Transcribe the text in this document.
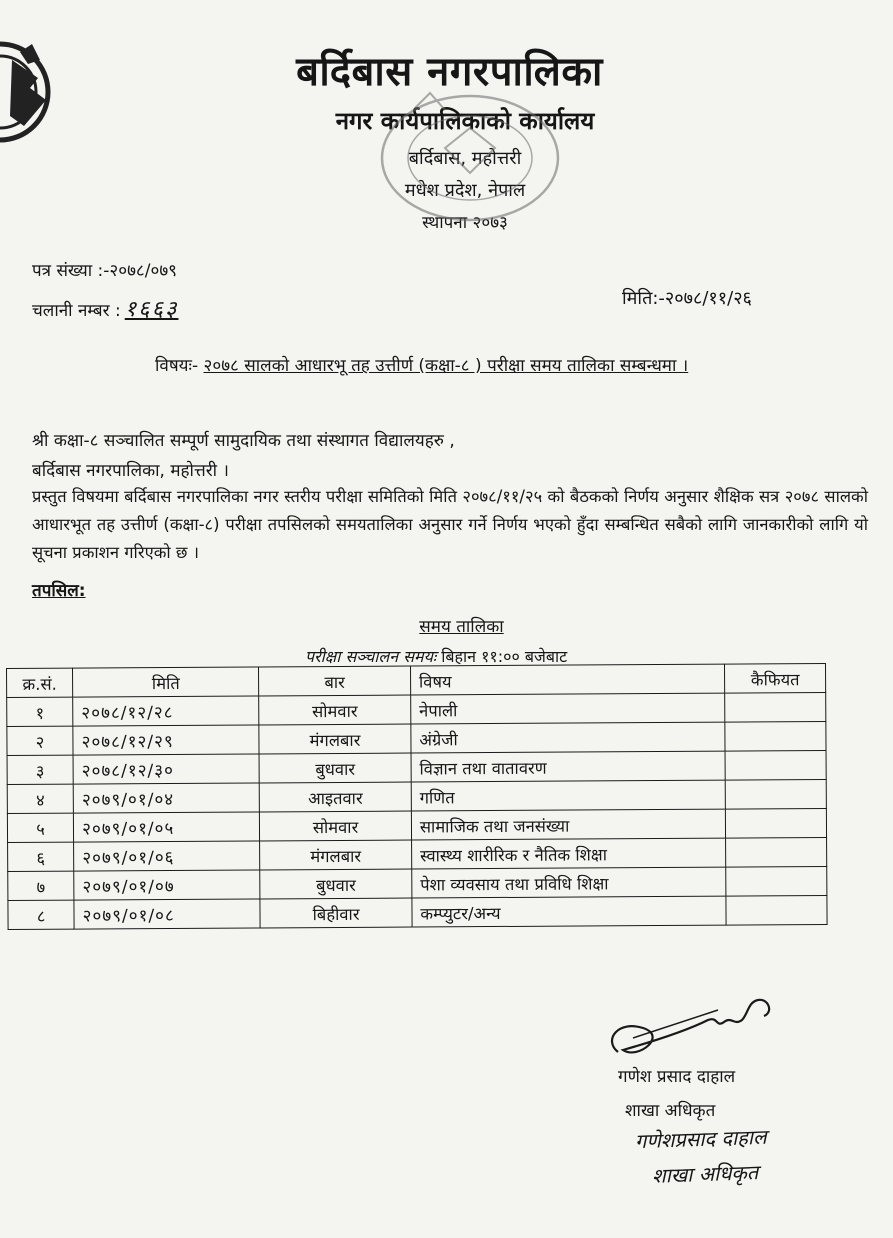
बर्दिबास नगरपालिका
नगर कार्यपालिकाको कार्यालय
बर्दिबास, महोत्तरी
मधेश प्रदेश, नेपाल
स्थापना २०७३
पत्र संख्या :-२०७८/०७९
चलानी नम्बर : १६६३	मिति:-२०७८/११/२६
विषयः- २०७८ सालको आधारभू तह उत्तीर्ण (कक्षा-८ ) परीक्षा समय तालिका सम्बन्धमा ।
श्री कक्षा-८ सञ्चालित सम्पूर्ण सामुदायिक तथा संस्थागत विद्यालयहरु ,
बर्दिबास नगरपालिका, महोत्तरी ।

प्रस्तुत विषयमा बर्दिबास नगरपालिका नगर स्तरीय परीक्षा समितिको मिति २०७८/११/२५ को बैठकको निर्णय अनुसार शैक्षिक सत्र २०७८ सालको आधारभूत तह उत्तीर्ण (कक्षा-८) परीक्षा तपसिलको समयतालिका अनुसार गर्ने निर्णय भएको हुँदा सम्बन्धित सबैको लागि जानकारीको लागि यो सूचना प्रकाशन गरिएको छ ।

तपसिल:
समय तालिका
परीक्षा सञ्चालन समयः बिहान ११:०० बजेबाट
क्र.सं.	मिति	बार	विषय	कैफियत
१	२०७८/१२/२८	सोमवार	नेपाली	
२	२०७८/१२/२९	मंगलबार	अंग्रेजी	
३	२०७८/१२/३०	बुधवार	विज्ञान तथा वातावरण	
४	२०७९/०१/०४	आइतवार	गणित	
५	२०७९/०१/०५	सोमवार	सामाजिक तथा जनसंख्या	
६	२०७९/०१/०६	मंगलबार	स्वास्थ्य शारीरिक र नैतिक शिक्षा	
७	२०७९/०१/०७	बुधवार	पेशा व्यवसाय तथा प्रविधि शिक्षा	
८	२०७९/०१/०८	बिहीवार	कम्प्युटर/अन्य	
गणेश प्रसाद दाहाल
शाखा अधिकृत
गणेशप्रसाद दाहाल
शाखा अधिकृत
